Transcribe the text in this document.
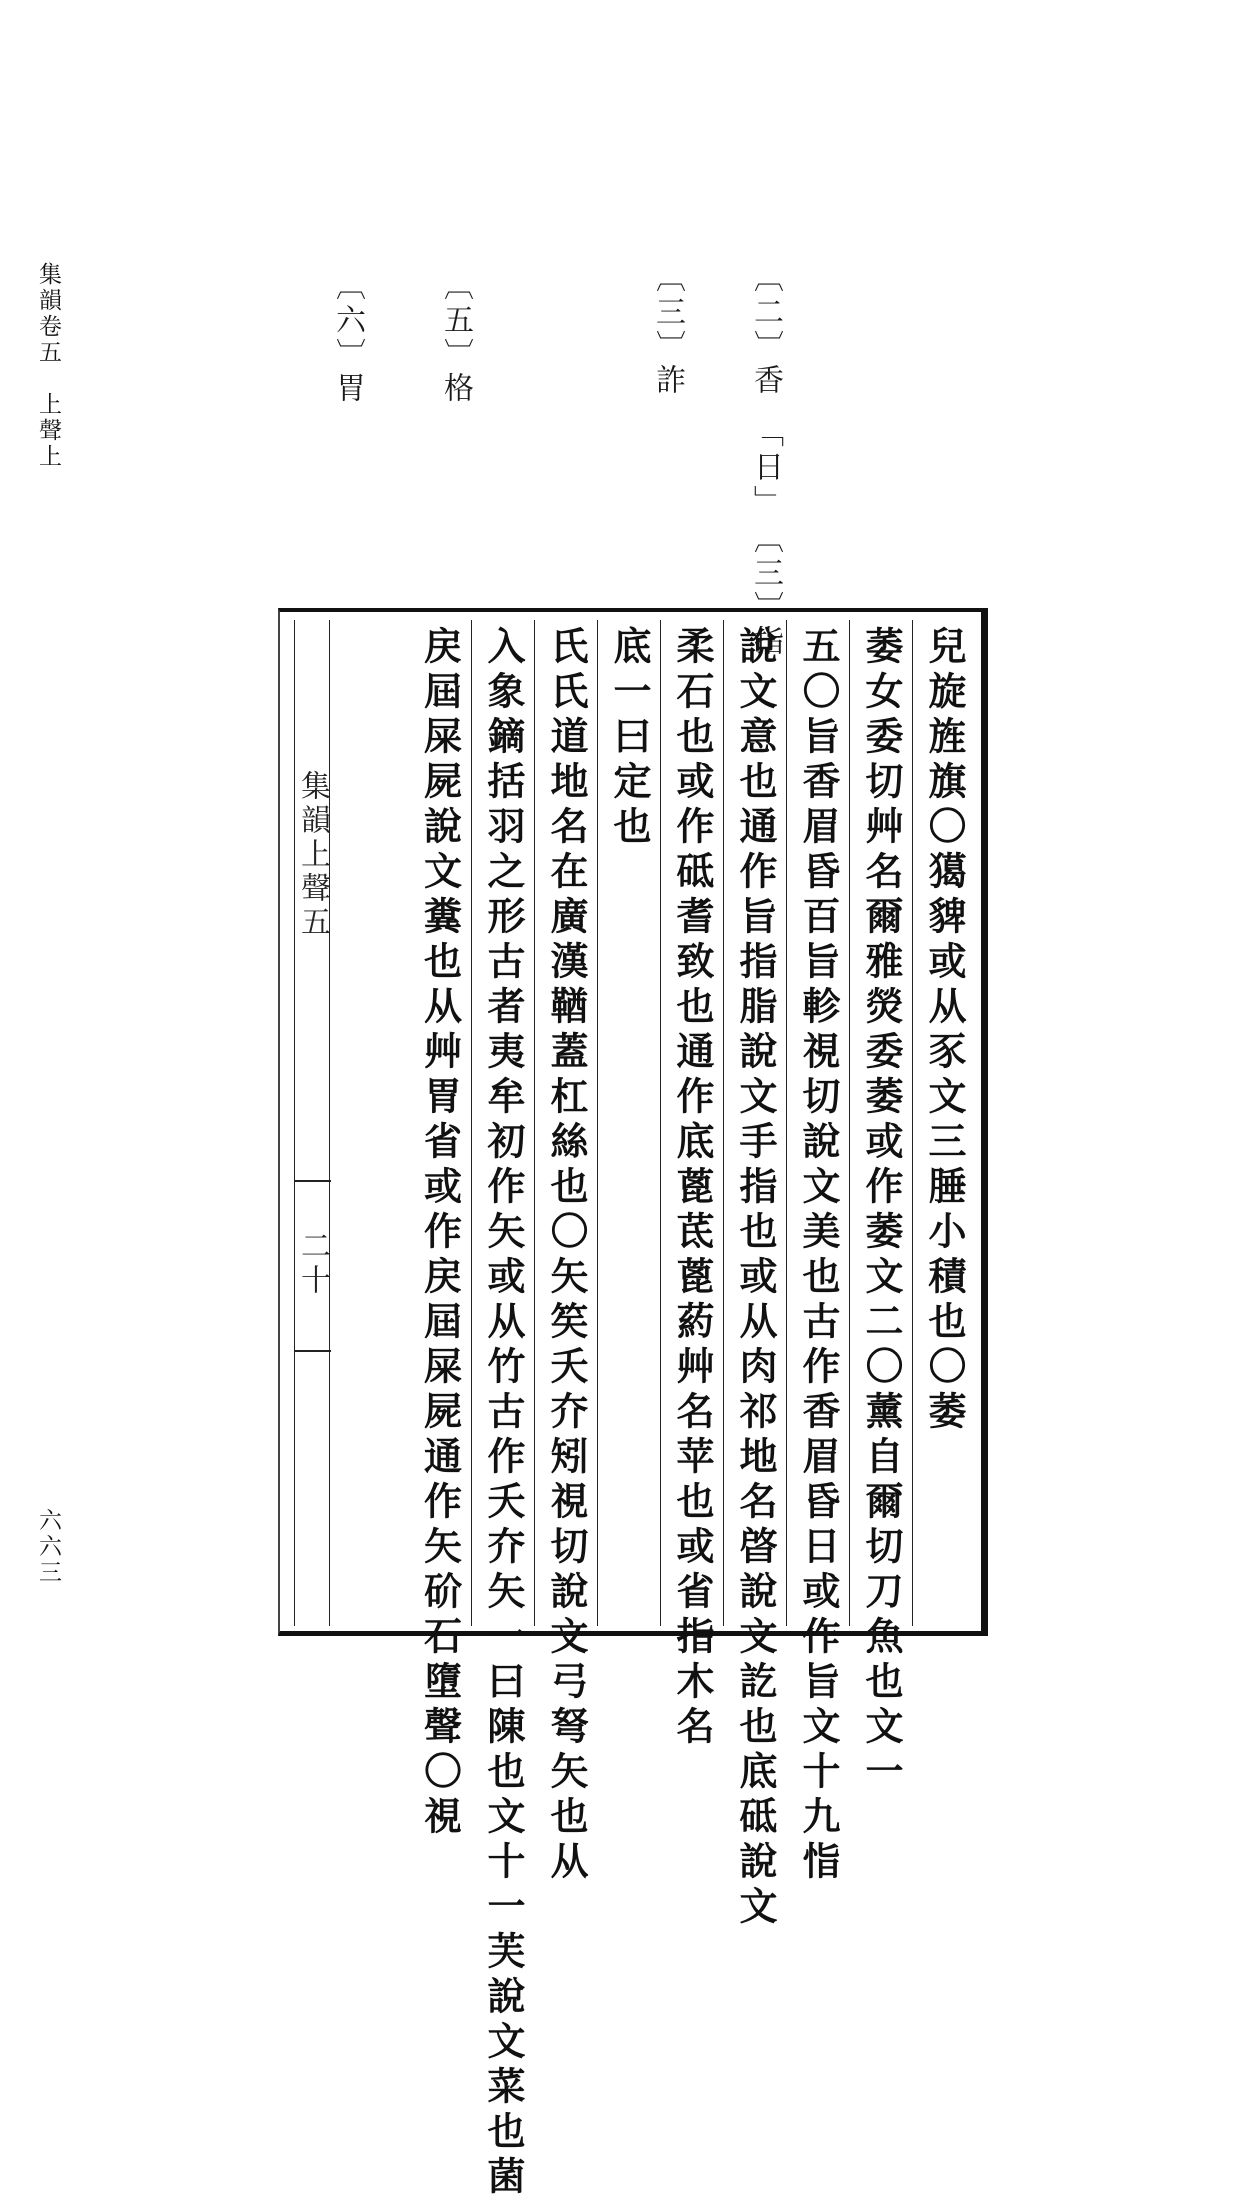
集韻卷五　上聲上
六六三
〔二〕香　「日」　〔三〕指
〔三〕詐
〔五〕格
〔六〕胃
兒旋旌旗〇獦貏或从豕文三腄小積也〇萎
萎女委切艸名爾雅熒委萎或作萎文二〇薰自爾切刀魚也文一
五〇旨香眉昏百旨軫視切說文美也古作香眉昏日或作旨文十九恉
說文意也通作旨指脂說文手指也或从肉祁地名晵說文訖也底砥說文
柔石也或作砥耆致也通作底蓖茋蓖葯艸名苹也或省指木名
底一曰定也
氏氏道地名在廣漢鞧蓋杠絲也〇矢笶夭夰矧視切說文弓弩矢也从
入象鏑括羽之形古者夷牟初作矢或从竹古作夭夰矢一曰陳也文十一芙說文菜也菌
戻屆屎屍說文糞也从艸胃省或作戻屆屎屍通作矢砎石墮聲〇視
集韻上聲五
二十
